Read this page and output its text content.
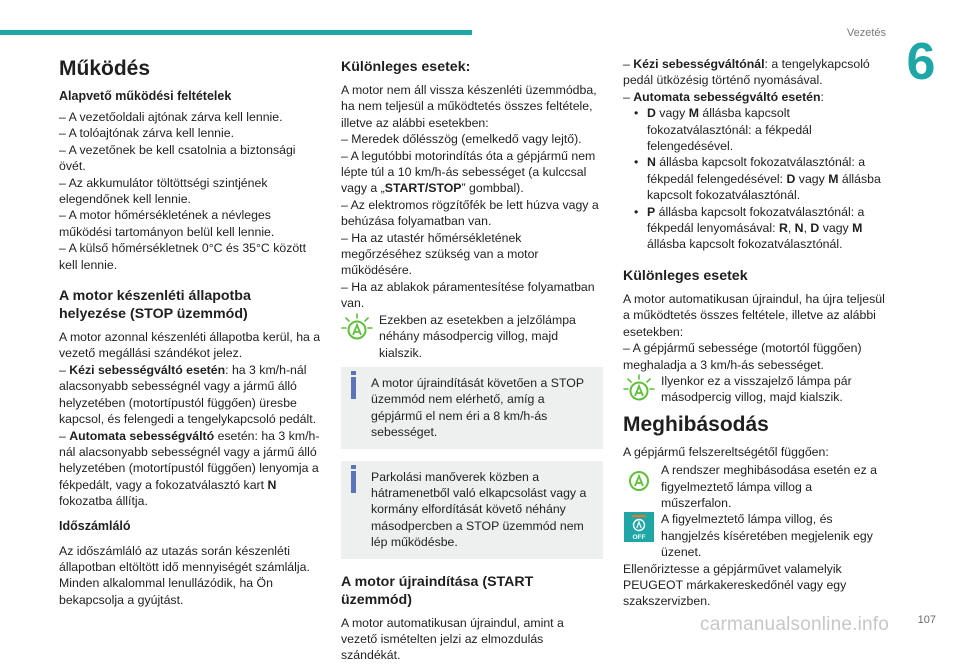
Vezetés 6
Működés
Alapvető működési feltételek

– A vezetőoldali ajtónak zárva kell lennie.

– A tolóajtónak zárva kell lennie.

– A vezetőnek be kell csatolnia a biztonsági övét.

– Az akkumulátor töltöttségi szintjének elegendőnek kell lennie.

– A motor hőmérsékletének a névleges működési tartományon belül kell lennie.

– A külső hőmérsékletnek 0°C és 35°C között kell lennie.

A motor készenléti állapotba helyezése (STOP üzemmód)

A motor azonnal készenléti állapotba kerül, ha a vezető megállási szándékot jelez.

– Kézi sebességváltó esetén: ha 3 km/h-nál alacsonyabb sebességnél vagy a jármű álló helyzetében (motortípustól függően) üresbe kapcsol, és felengedi a tengelykapcsoló pedált.

– Automata sebességváltó esetén: ha 3 km/h-nál alacsonyabb sebességnél vagy a jármű álló helyzetében (motortípustól függően) lenyomja a fékpedált, vagy a fokozatválasztó kart N fokozatba állítja.

Időszámláló

Az időszámláló az utazás során készenléti állapotban eltöltött idő mennyiségét számlálja. Minden alkalommal lenullázódik, ha Ön bekapcsolja a gyújtást.

Különleges esetek:

A motor nem áll vissza készenléti üzemmódba, ha nem teljesül a működtetés összes feltétele, illetve az alábbi esetekben:

– Meredek dőlésszög (emelkedő vagy lejtő).

– A legutóbbi motorindítás óta a gépjármű nem lépte túl a 10 km/h-ás sebességet (a kulccsal vagy a „START/STOP” gombbal).

– Az elektromos rögzítőfék be lett húzva vagy a behúzása folyamatban van.

– Ha az utastér hőmérsékletének megőrzéséhez szükség van a motor működésére.

– Ha az ablakok páramentesítése folyamatban van.

Ezekben az esetekben a jelzőlámpa néhány másodpercig villog, majd kialszik.

A motor újraindítását követően a STOP üzemmód nem elérhető, amíg a gépjármű el nem éri a 8 km/h-ás sebességet.

Parkolási manőverek közben a hátramenetből való elkapcsolást vagy a kormány elfordítását követő néhány másodpercben a STOP üzemmód nem lép működésbe.

A motor újraindítása (START üzemmód)

A motor automatikusan újraindul, amint a vezető ismételten jelzi az elmozdulás szándékát.

– Kézi sebességváltónál: a tengelykapcsoló pedál ütközésig történő nyomásával.

– Automata sebességváltó esetén:

• D vagy M állásba kapcsolt fokozatválasztónál: a fékpedál felengedésével.

• N állásba kapcsolt fokozatválasztónál: a fékpedál felengedésével: D vagy M állásba kapcsolt fokozatválasztónál.

• P állásba kapcsolt fokozatválasztónál: a fékpedál lenyomásával: R, N, D vagy M állásba kapcsolt fokozatválasztónál.

Különleges esetek

A motor automatikusan újraindul, ha újra teljesül a működtetés összes feltétele, illetve az alábbi esetekben:

– A gépjármű sebessége (motortól függően) meghaladja a 3 km/h-ás sebességet.

Ilyenkor ez a visszajelző lámpa pár másodpercig villog, majd kialszik.

Meghibásodás

A gépjármű felszereltségétől függően:

A rendszer meghibásodása esetén ez a figyelmeztető lámpa villog a műszerfalon.

OFF

A figyelmeztető lámpa villog, és hangjelzés kíséretében megjelenik egy üzenet.

Ellenőriztesse a gépjárművet valamelyik PEUGEOT márkakereskedőnél vagy egy szakszervizben.

107
carmanualsonline.info
